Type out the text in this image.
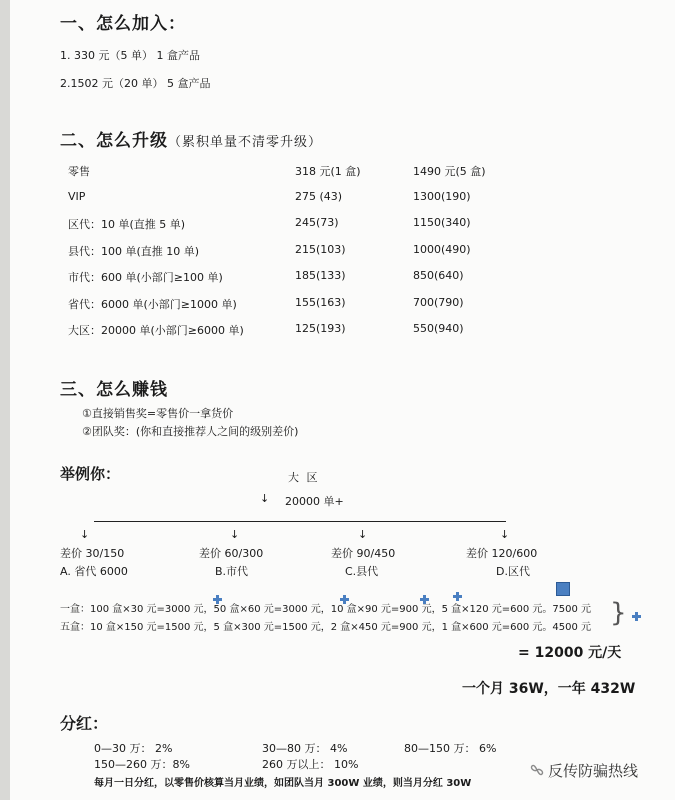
一、怎么加入：
1. 330 元（5 单） 1 盒产品
2.1502 元（20 单） 5 盒产品
二、怎么升级（累积单量不清零升级）
零售	318 元(1 盒)	1490 元(5 盒)
VIP	275 (43)	1300(190)
区代：10 单(直推 5 单)	245(73)	1150(340)
县代：100 单(直推 10 单)	215(103)	1000(490)
市代：600 单(小部门≥100 单)	185(133)	850(640)
省代：6000 单(小部门≥1000 单)	155(163)	700(790)
大区：20000 单(小部门≥6000 单)	125(193)	550(940)
三、怎么赚钱
①直接销售奖=零售价一拿货价
②团队奖：(你和直接推荐人之间的级别差价)
举例你：	大 区
↓ 20000 单+
↓	↓	↓	↓
差价 30/150	差价 60/300	差价 90/450	差价 120/600
A. 省代 6000	B.市代	C.县代	D.区代
一盒：100 盒×30 元=3000 元，50 盒×60 元=3000 元，10 盒×90 元=900 元，5 盒×120 元=600 元。7500 元
五盒：10 盒×150 元=1500 元，5 盒×300 元=1500 元，2 盒×450 元=900 元，1 盒×600 元=600 元。4500 元 }
= 12000 元/天
一个月 36W，一年 432W
分红：
0—30 万： 2%	30—80 万： 4%	80—150 万： 6%
150—260 万：8%	260 万以上： 10%
每月一日分红，以零售价核算当月业绩，如团队当月 300W 业绩，则当月分红 30W
反传防骗热线
